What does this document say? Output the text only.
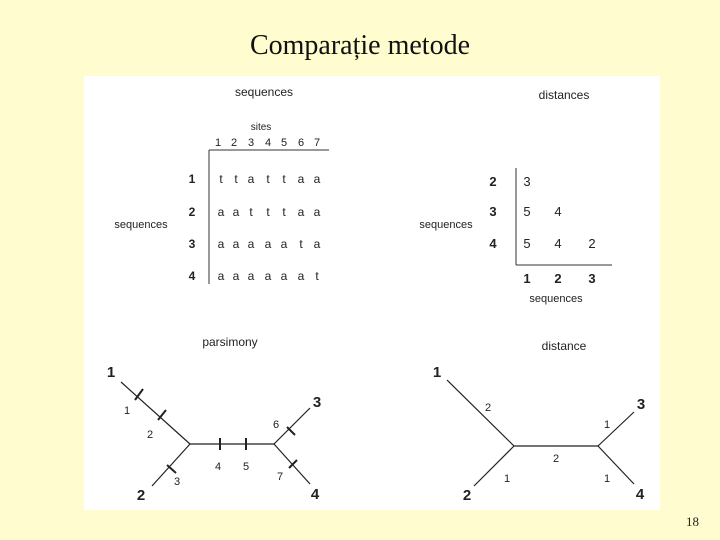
Comparație metode
sequences
sites
1 2 3 4 5 6 7
sequences
1 t t a t t a a
2 a a t t t a a
3 a a a a a t a
4 a a a a a a t
distances
sequences
2
3
4
3
5 4
5 4 2
1 2 3
sequences
parsimony
1
2
3
4
1
2
3
4 5
6
7
distance
1
2
3
4
2
1
2
1
1
18
